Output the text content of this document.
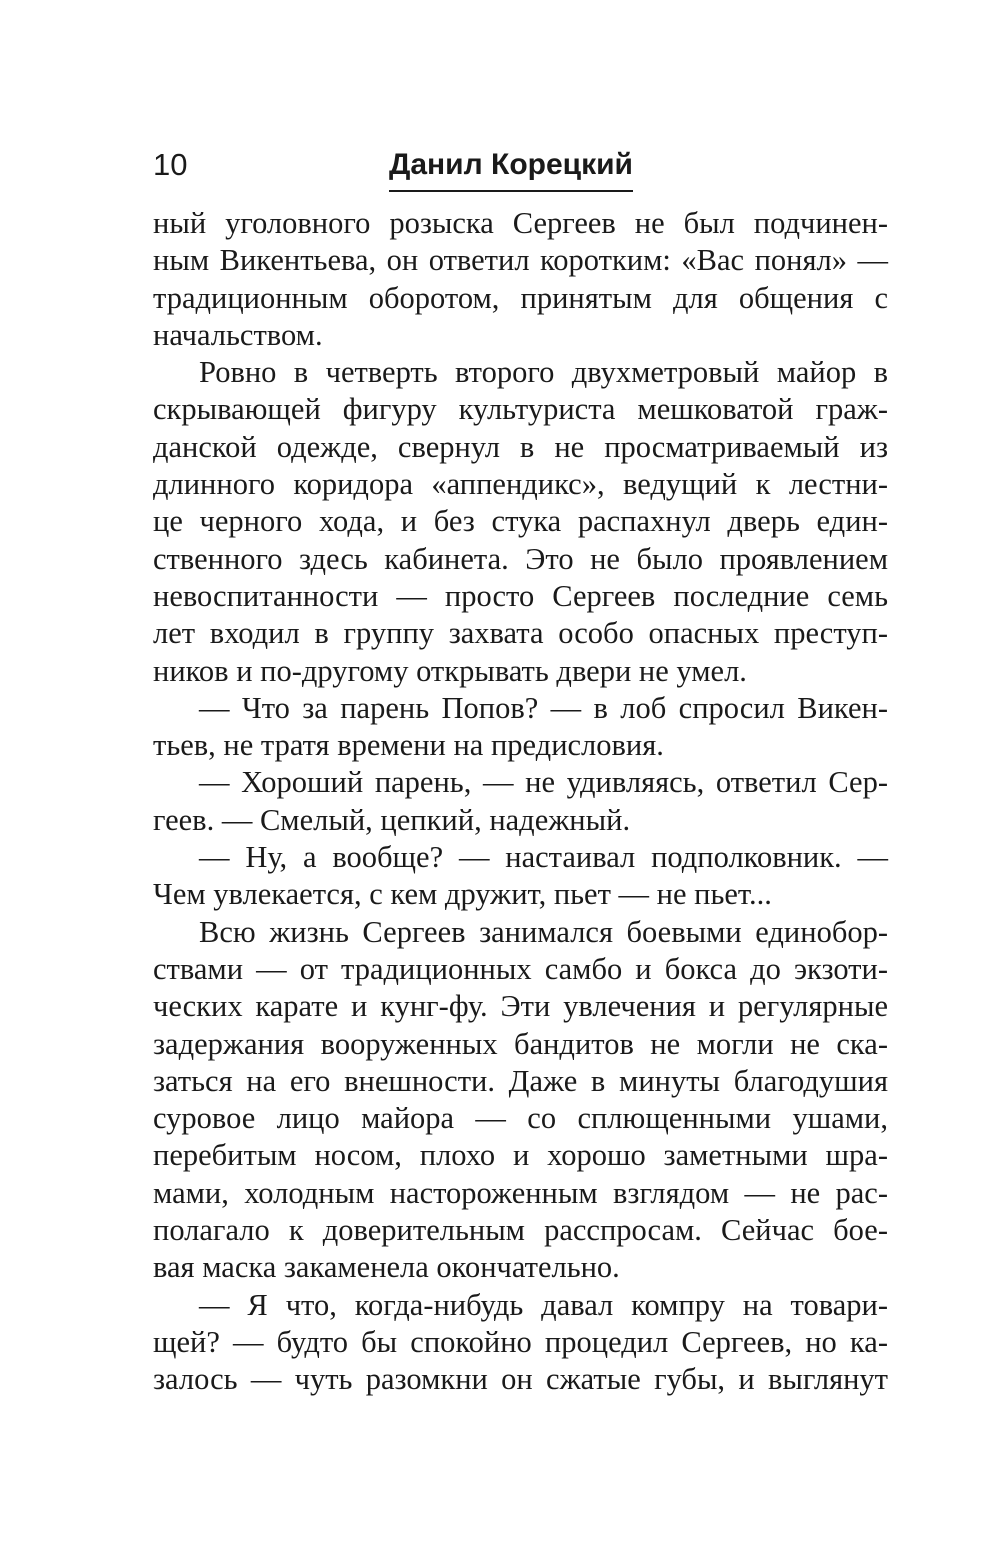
10	Данил Корецкий
ный уголовного розыска Сергеев не был подчинен-
ным Викентьева, он ответил коротким: «Вас понял» —
традиционным оборотом, принятым для общения с
начальством.
Ровно в четверть второго двухметровый майор в
скрывающей фигуру культуриста мешковатой граж-
данской одежде, свернул в не просматриваемый из
длинного коридора «аппендикс», ведущий к лестни-
це черного хода, и без стука распахнул дверь един-
ственного здесь кабинета. Это не было проявлением
невоспитанности — просто Сергеев последние семь
лет входил в группу захвата особо опасных преступ-
ников и по-другому открывать двери не умел.
— Что за парень Попов? — в лоб спросил Викен-
тьев, не тратя времени на предисловия.
— Хороший парень, — не удивляясь, ответил Сер-
геев. — Смелый, цепкий, надежный.
— Ну, а вообще? — настаивал подполковник. —
Чем увлекается, с кем дружит, пьет — не пьет...
Всю жизнь Сергеев занимался боевыми единобор-
ствами — от традиционных самбо и бокса до экзоти-
ческих карате и кунг-фу. Эти увлечения и регулярные
задержания вооруженных бандитов не могли не ска-
заться на его внешности. Даже в минуты благодушия
суровое лицо майора — со сплющенными ушами,
перебитым носом, плохо и хорошо заметными шра-
мами, холодным настороженным взглядом — не рас-
полагало к доверительным расспросам. Сейчас бое-
вая маска закаменела окончательно.
— Я что, когда-нибудь давал компру на товари-
щей? — будто бы спокойно процедил Сергеев, но ка-
залось — чуть разомкни он сжатые губы, и выглянут
